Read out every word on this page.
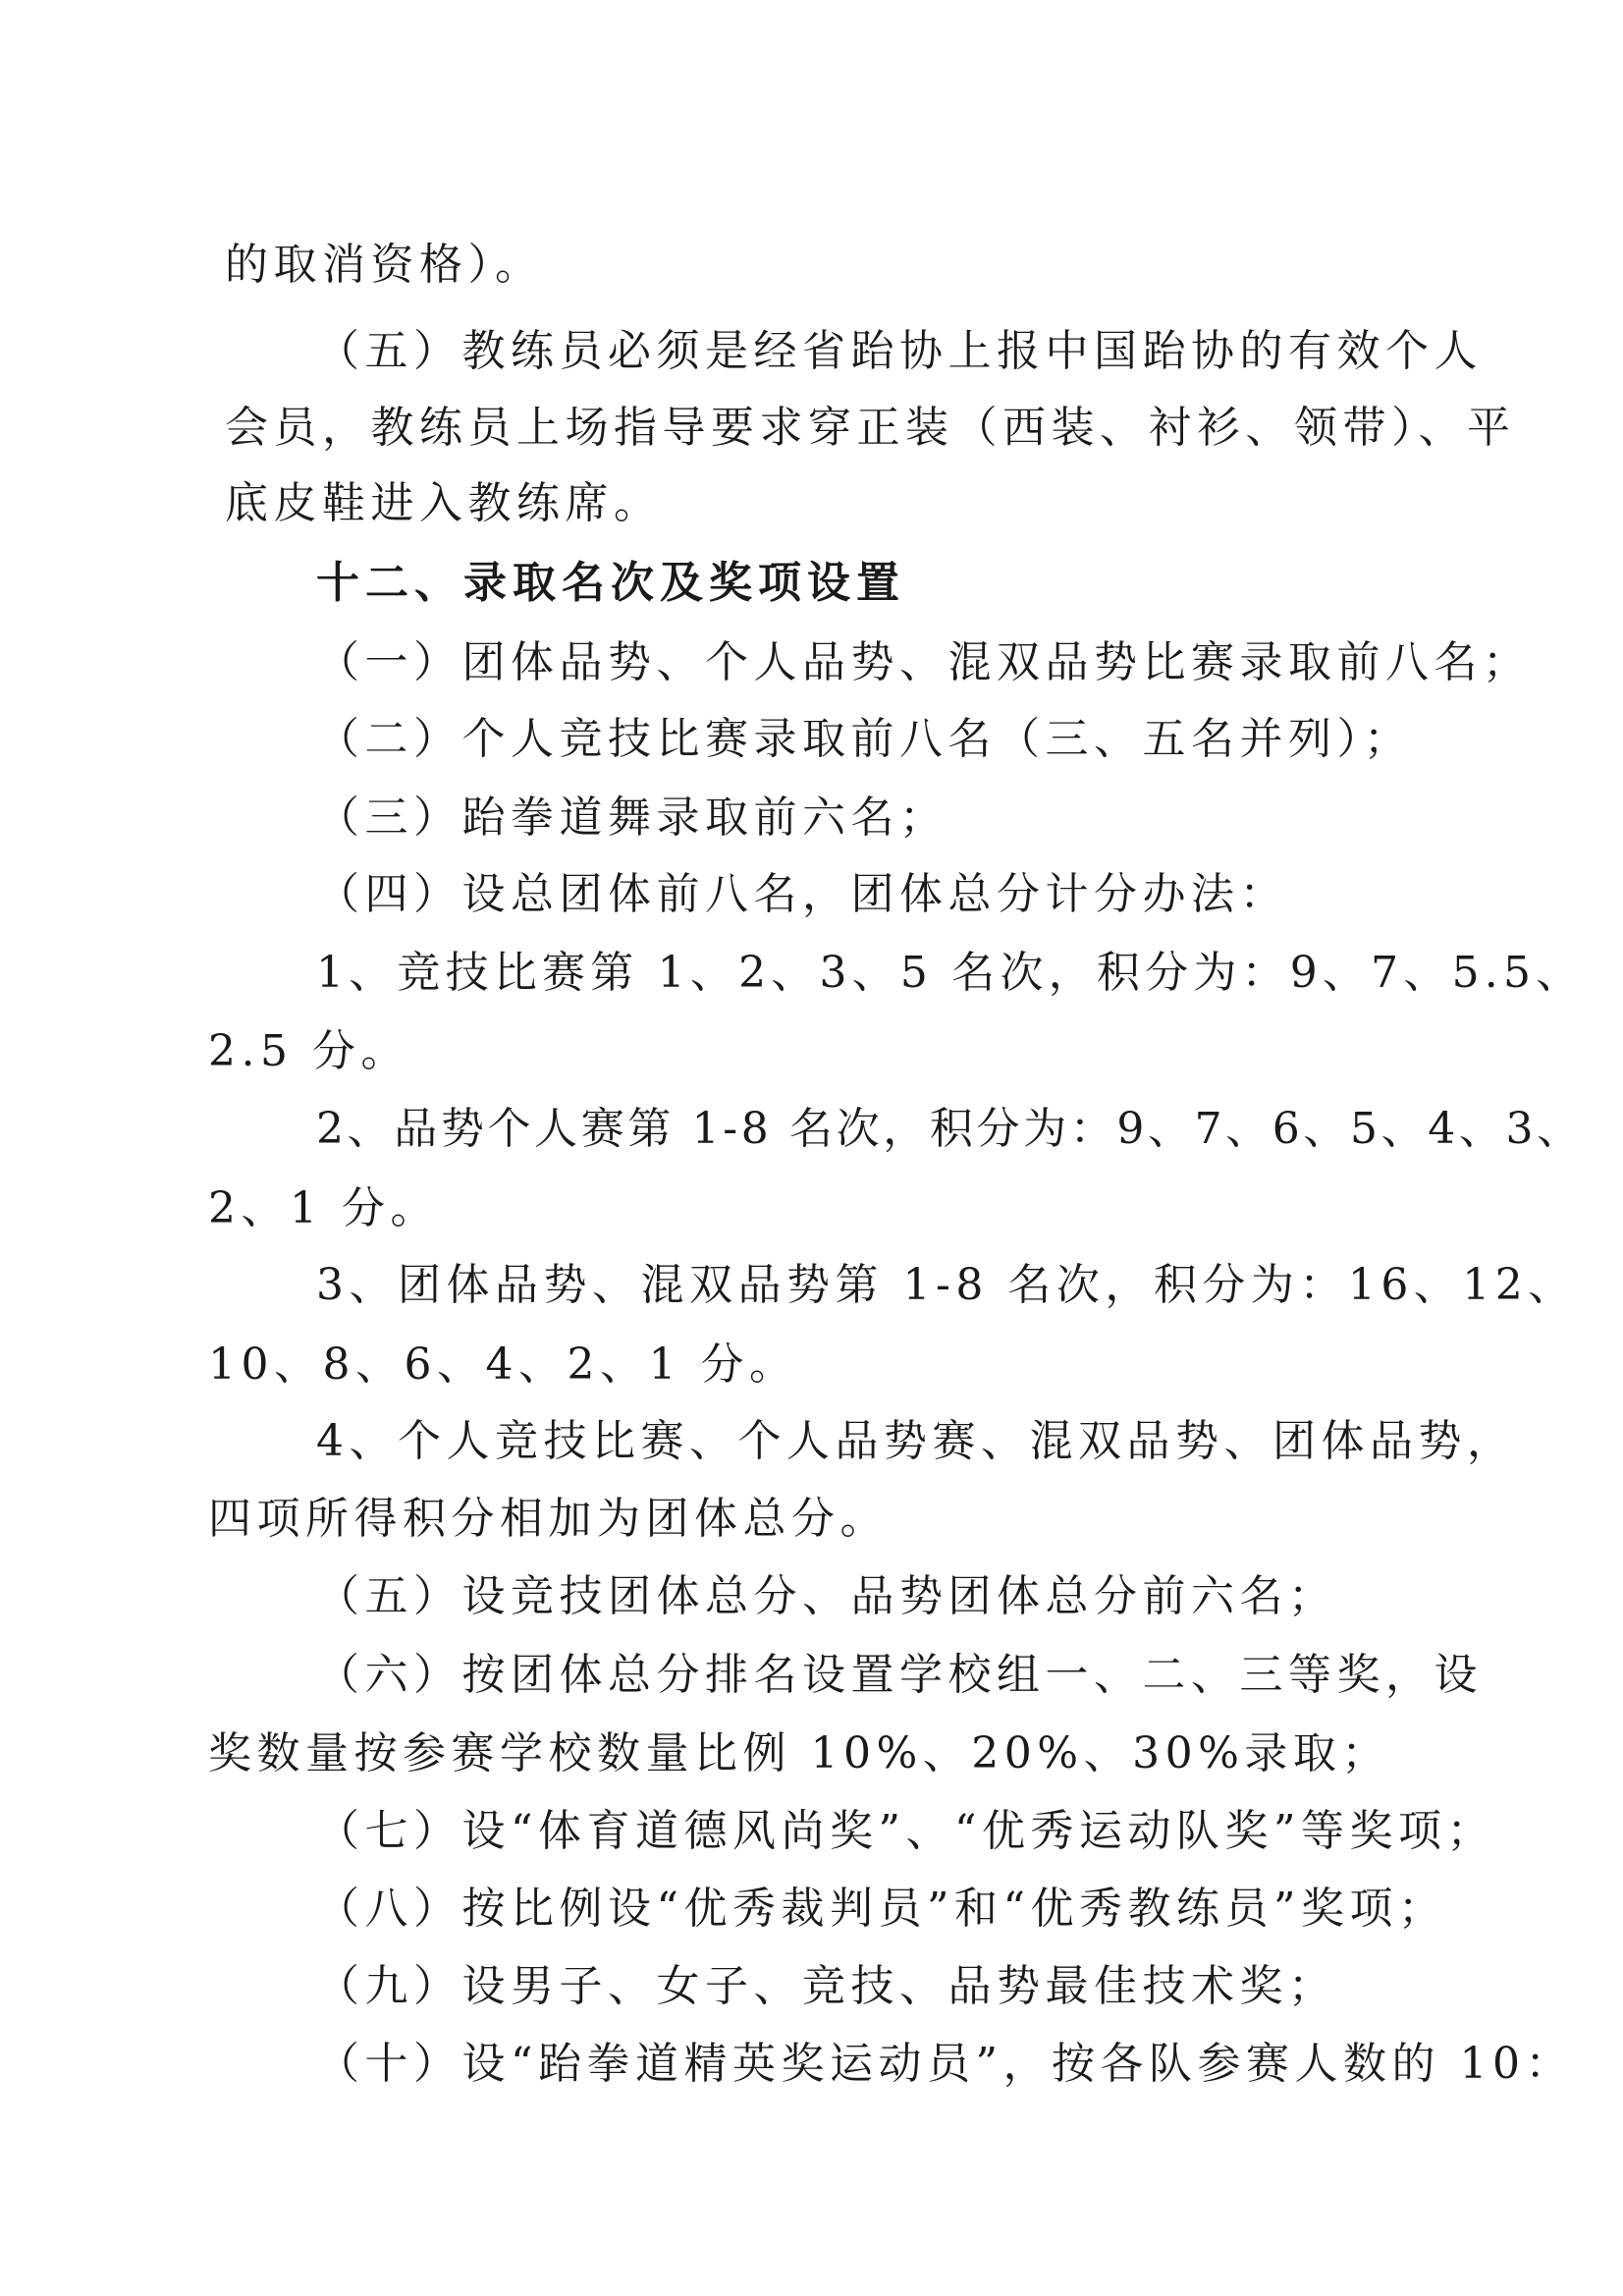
的取消资格）。

（五）教练员必须是经省跆协上报中国跆协的有效个人

会员，教练员上场指导要求穿正装（西装、衬衫、领带）、平

底皮鞋进入教练席。

十二、录取名次及奖项设置

（一）团体品势、个人品势、混双品势比赛录取前八名；

（二）个人竞技比赛录取前八名（三、五名并列）；

（三）跆拳道舞录取前六名；

（四）设总团体前八名，团体总分计分办法：

1、竞技比赛第 1、2、3、5 名次，积分为：9、7、5.5、

2.5 分。

2、品势个人赛第 1-8 名次，积分为：9、7、6、5、4、3、

2、1 分。

3、团体品势、混双品势第 1-8 名次，积分为：16、12、

10、8、6、4、2、1 分。

4、个人竞技比赛、个人品势赛、混双品势、团体品势，

四项所得积分相加为团体总分。

（五）设竞技团体总分、品势团体总分前六名；

（六）按团体总分排名设置学校组一、二、三等奖，设

奖数量按参赛学校数量比例 10%、20%、30%录取；

（七）设“体育道德风尚奖”、“优秀运动队奖”等奖项；

（八）按比例设“优秀裁判员”和“优秀教练员”奖项；

（九）设男子、女子、竞技、品势最佳技术奖；

（十）设“跆拳道精英奖运动员”，按各队参赛人数的 10：
